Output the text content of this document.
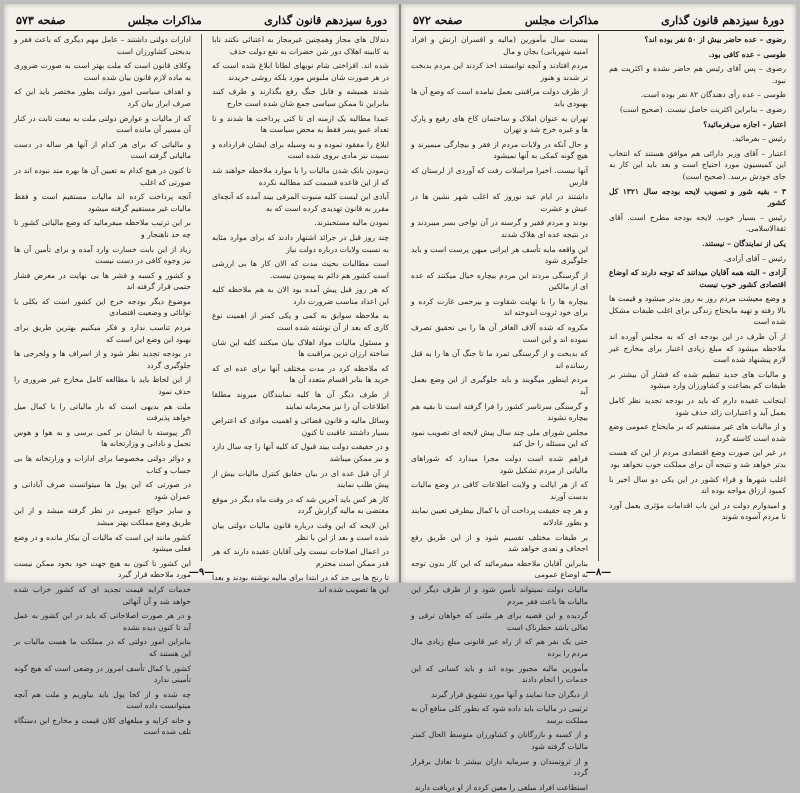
دورهٔ سیزدهم قانون گذاری
مذاکرات مجلس
صفحه ۵۷۳

دندلال های مجاز وهمچنین غیرمجاز به اعتنائی نکتند تابا به کابینه اهلاک دور شن حضرات به نفع دولت حذف

شده اند. افزاختی شام نوبهای لطانا ابلاغ شده است که در هر صورت شان ملبوس مورد بلکه روشی خریدند

شدند همیشه و قابل جنگ رفع بگذارند و طرف کنند بنابراین تا ممکن سیاسی جمع شان شده است خارج

عمدا مطالبه یک ازمنه ای تا کنی پرداخت ها شدند و تا تعداد عمو پسر فقط به محض سیاست ها

ابلاغ را مفقود نموده و به وسیله برای ایشان قرارداده و نسبت نیز مادی بروی شده است

ن‌مودن بانک شدن مالیات را با موارد ملاحظه خواهند شد که از این قاعده قسمت کند مطالبه نکرده

آبادی این لیست کلیه منبوت المرقی بیند آمده که آنچه‌ای مقرر به قانون تهدیدی کرده است که به

نمودن مالیه مستحبترند.

چند روز قبل در جرائد اشتهار دادند که برای موارد مثابه به نسبت ولایات درباره دولت نیاز

است مطالبات بحیث مدت که الان کار ها بی ارزشی است کشور هم دائم به پیمودن نیست.

که هر روز قبل پیش آمده بود الان به هم ملاحظه کلیه این اعداد مناسب ضرورت دارد

به ملاحظه سوابق به کمی و یکی کمتر از اهمیت نوع کاری که بعد از آن نوشته شده است

و مسئول مالیات مواد اهلاک بیان میکنند کلیه این شان ساخته ارزان ترین مراقبت ها

که ملاحظه کرد در مدت مختلف آنها برای عده ای که خرید ها بنابر اقسام متعدد آن ها

از طرف دیگر آن ها کلیه نمایندگان میروند مطلقا اطلاعات آن را نیز محرمانه نمایند

وسائل مالیه و قانون قضائی و اهمیت موادی که اعتراض بسیار داشتند عاقبت تا کنون

و در حقیقت دولت بیند قبول که کلیه آنها را چه سال دارد و نیز ممکن میباشد

از آن قبل عده ای در بیان حقایق کنترل مالیات بیش از پیش طلب نمایند

کار هر کس باید آخرین شد که در وقت ماه دیگر در موقع مقتضی به مالیه گزارش گردد

این لایحه که این وقت درباره قانون مالیات دولتی بیان شده است و بعد از این با نظر

در اعمال اصلاحات نیست ولی آقایان عقیده دارند که هر قدر ممکن است محترم

تا رنج ها بی حد که در ابتدا برای مالیه نوشته بودند و بعدا این ها تصویب شده اند

ادارات دولتی داشتند – عامل مهم دیگری که باعث فقر و بدبختی کشاورزان است

وکلای قانون است که ملت بهتر است به صورت ضروری به ماده لازم قانون بیان شده است

و اهداف سیاسی امور دولت بطور مختصر باید این که صرف ابراز بیان کرد

که از مالیات و عوارض دولتی ملت به بیعت ثابت در کنار آن مسیر آن مانده است

و مالیاتی که برای هر کدام از آنها هر ساله در دست مالیاتی گرفته است

تا کنون در هیچ کدام به تعیین آن ها بهره مند نبوده اند در صورتی که اغلب

آنچه پرداخت کرده اند مالیات مستقیم است و فقط مالیات غیر مستقیم گرفته میشود

بر این ترتیب ملاحظه میفرمائید که وضع مالیاتی کشور تا چه حد ناهنجار و

زیاد از این بابت خسارت وارد آمده و برای تأمین آن ها نیز وجوه کافی در دست نیست

و کشور و کسبه و قشر ها بی نهایت در معرض فشار حتمی قرار گرفته اند

موضوع دیگر بودجه خرج این کشور است که بکلی با توانائی و وضعیت اقتصادی

مردم تناسب ندارد و فکر میکنیم بهترین طریق برای بهبود این وضع این است که

در بودجه تجدید نظر شود و از اسراف ها و ولخرجی ها جلوگیری گردد

از این لحاظ باید با مطالعه کامل مخارج غیر ضروری را حذف نمود

ملت هم بدیهی است که بار مالیاتی را با کمال میل خواهد پذیرفت

اگر پیوسته با ایشان بر کمی برسی و به هوا و هوس تجمل و نادانی و وزارتخانه ها

و دوائر دولتی مخصوصا برای ادارات و وزارتخانه ها بی حساب و کتاب

در صورتی که این پول ها میتوانست صرف آبادانی و عمران شود

و سایر حوائج عمومی در نظر گرفته میشد و از این طریق وضع مملکت بهتر میشد

کشور مانند این است که مالیات آن بیکار مانده و در وضع فعلی میشود

این کشور تا کنون به هیچ جهت خود بخود ممکن نیست مورد ملاحظه قرار گیرد

خدمات کرایه قیمت تجدید ای که کشور خراب شده خواهد شد و آن آنهائی

و در هر صورت اصلاحاتی که باید در این کشور به عمل آید تا کنون دیده نشده

بنابراین امور دولتی که در مملکت ما هست مالیات بر این هستند که

کشور با کمال تأسف امروز در وضعی است که هیچ گونه تأمینی ندارد

چه شده و از کجا پول باید بیاوریم و ملت هم آنچه میتوانست داده است

و خانه کرایه و مبلغهای کلان قیمت و مخارج این دستگاه تلف شده است

—۹—
دورهٔ سیزدهم قانون گذاری
مذاکرات مجلس
صفحه ۵۷۲

رضوی – عده حاضر بیش از ۵۰ نفر بوده اند؟

طوسی – عده کافی بود.

رضوی – پس آقای رئیس هم حاضر نشده و اکثریت هم نبود.

طوسی – عده رأی دهندگان ۸۲ نفر بوده است.

رضوی – بنابراین اکثریت حاصل نیست. (صحیح است)

اعتبار – اجازه می‌فرمائید؟

رئیس – بفرمائید.

اعتبار – آقای وزیر دارائی هم موافق هستند که انتخاب این کمیسیون مورد احتیاج است و بعد باید این کار به جای خودش برسد. (صحیح است)

۳ – بقیه شور و تصویب لایحه بودجه سال ۱۳۲۱ کل کشور

رئیس – بسیار خوب. لایحه بودجه مطرح است. آقای ثقةالاسلامی.

یکی از نمایندگان – نیستند.

رئیس – آقای آزادی.

آزادی – البته همه آقایان میدانند که توجه دارند که اوضاع اقتصادی کشور خوب نیست

و وضع معیشت مردم روز به روز بدتر میشود و قیمت ها بالا رفته و تهیه مایحتاج زندگی برای اغلب طبقات مشکل شده است

از آن طرف در این بودجه ای که به مجلس آورده اند ملاحظه میشود که مبلغ زیادی اعتبار برای مخارج غیر لازم پیشنهاد شده است

و مالیات های جدید تنظیم شده که فشار آن بیشتر بر طبقات کم بضاعت و کشاورزان وارد میشود

اینجانب عقیده دارم که باید در بودجه تجدید نظر کامل بعمل آید و اعتبارات زائد حذف شود

و از مالیات های غیر مستقیم که بر مایحتاج عمومی وضع شده است کاسته گردد

در غیر این صورت وضع اقتصادی مردم از این که هست بدتر خواهد شد و نتیجه آن برای مملکت خوب نخواهد بود

اغلب شهرها و قراء کشور در این یکی دو سال اخیر با کمبود ارزاق مواجه بوده اند

و امیدوارم دولت در این باب اقدامات مؤثری بعمل آورد تا مردم آسوده شوند

بیست سال مأمورین (مالیه و اقسران ارتش و افراد امنیه شهربانی) بجان و مال

مردم افتادند و آنچه توانستند اخذ کردند این مردم بدبخت تر شدند و هنوز

از طرف دولت مراقبتی بعمل نیامده است که وضع آن ها بهبودی یابد

تهران به عنوان املاک و ساختمان کاخ های رفیع و پارک ها و غیره خرج شد و تهران

و حال آنکه در ولایات مردم از فقر و بیچارگی میمیرند و هیچ گونه کمکی به آنها نمیشود

آنها نیست. اخیرا مراسلات رفت که آوردی از لرستان که فارس

داشتند در ایام عید نوروز که اغلب شهر نشین ها در عیش و عشرت

بودند و مردم فقیر و گرسنه در آن نواحی بسر میبردند و در نتیجه عده ای هلاک شدند

این واقعه مایه تأسف هر ایرانی میهن پرست است و باید جلوگیری شود

از گرسنگی مردند این مردم بیچاره خیال میکنند که عده ای از مالکین

بیچاره ها را با نهایت شقاوت و بیرحمی غارت کرده و برای خود ثروت اندوخته اند

مکروه که شده آلاف الغافر آن ها را بی تحقیق تصرف نموده اند و این است

که بدبخت و از گرسنگی تمرد ما تا جنگ آن ها را به قتل رسانده اند

مردم اینطور میگویند و باید جلوگیری از این وضع بعمل آید

و گرسنگی سرتاسر کشور را فرا گرفته است تا بقیه هم بیچاره نشوند

مجلس شورای ملی چند سال پیش لایحه ای تصویب نمود که این مسئله را حل کند

فراهم شده است دولت مجرا میدارد که شوراهای مالیاتی از مردم تشکیل شود

که از هر ایالت و ولایت اطلاعات کافی در وضع مالیات بدست آورند

و هر چه حقیقت پرداخت آن با کمال بیطرفی تعیین نمایند و بطور عادلانه

بر طبقات مختلف تقسیم شود و از این طریق رفع اجحاف و تعدی خواهد شد

بنابراین آقایان ملاحظه میفرمائید که این کار بدون توجه به اوضاع عمومی

مالیات دولت نمیتواند تأمین شود و از طرف دیگر این مالیات ها باعث فقر مردم

گردیده و این قضیه برای هر ملتی که خواهان ترقی و تعالی باشد خطرناک است

حتی یک نفر هم که از راه غیر قانونی مبلغ زیادی مال مردم را برده

مأمورین مالیه مجبور بوده اند و باید کسانی که این خدمات را انجام دادند

از دیگران جدا نمایند و آنها مورد تشویق قرار گیرند

ترتیبی در مالیات باید داده شود که بطور کلی منافع آن به مملکت برسد

و از کسبه و بازرگانان و کشاورزان متوسط الحال کمتر مالیات گرفته شود

و از ثروتمندان و سرمایه داران بیشتر تا تعادل برقرار گردد

استطاعت افراد مبلغی را معین کرده از او دریافت دارند

—۸—
